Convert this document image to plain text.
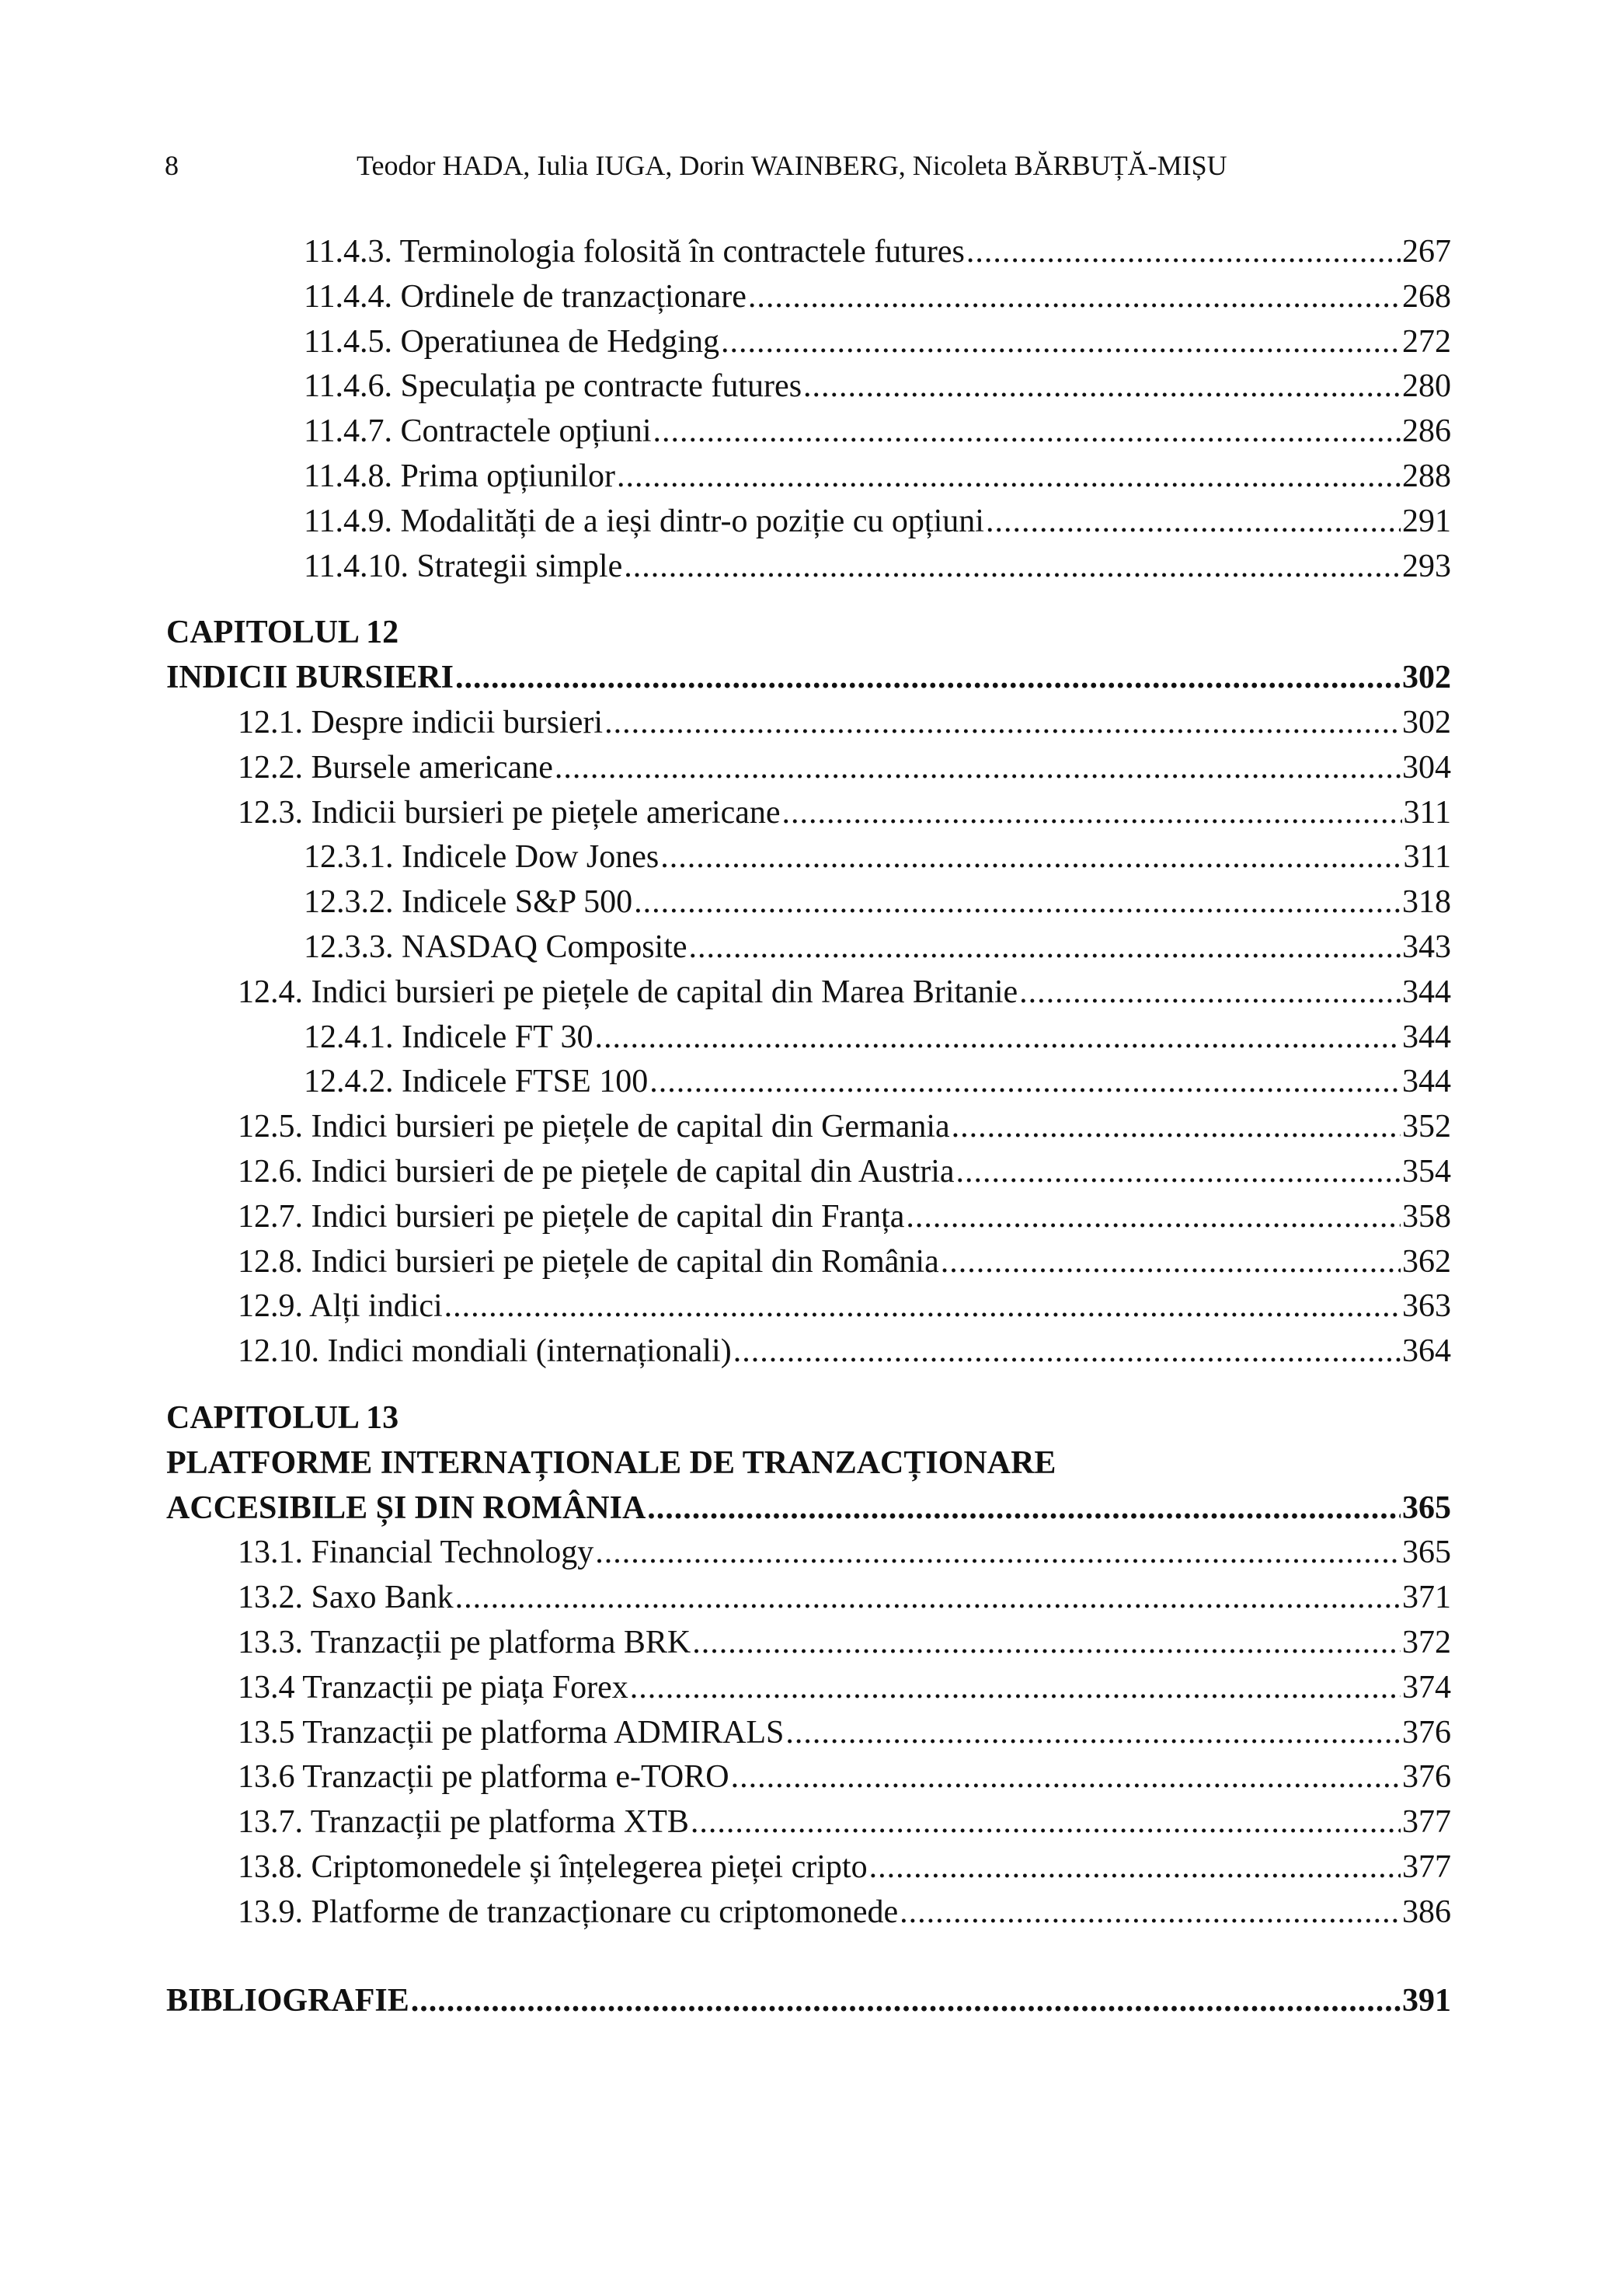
8	Teodor HADA, Iulia IUGA, Dorin WAINBERG, Nicoleta BĂRBUȚĂ-MIȘU
11.4.3. Terminologia folosită în contractele futures .....	267
11.4.4. Ordinele de tranzacționare .....	268
11.4.5. Operatiunea de Hedging .....	272
11.4.6. Speculația pe contracte futures .....	280
11.4.7. Contractele opțiuni .....	286
11.4.8. Prima opțiunilor .....	288
11.4.9. Modalități de a ieși dintr-o poziție cu opțiuni .....	291
11.4.10. Strategii simple .....	293
CAPITOLUL 12
INDICII BURSIERI .....	302
12.1. Despre indicii bursieri .....	302
12.2. Bursele americane .....	304
12.3. Indicii bursieri pe piețele americane .....	311
12.3.1. Indicele Dow Jones .....	311
12.3.2. Indicele S&P 500 .....	318
12.3.3. NASDAQ Composite .....	343
12.4. Indici bursieri pe piețele de capital din Marea Britanie .....	344
12.4.1. Indicele FT 30 .....	344
12.4.2. Indicele FTSE 100 .....	344
12.5. Indici bursieri pe piețele de capital din Germania .....	352
12.6. Indici bursieri de pe piețele de capital din Austria .....	354
12.7. Indici bursieri pe piețele de capital din Franța .....	358
12.8. Indici bursieri pe piețele de capital din România .....	362
12.9. Alți indici .....	363
12.10. Indici mondiali (internaționali) .....	364
CAPITOLUL 13
PLATFORME INTERNAȚIONALE DE TRANZACȚIONARE
ACCESIBILE ȘI DIN ROMÂNIA .....	365
13.1. Financial Technology .....	365
13.2. Saxo Bank .....	371
13.3. Tranzacții pe platforma BRK .....	372
13.4 Tranzacții pe piața Forex .....	374
13.5 Tranzacții pe platforma ADMIRALS .....	376
13.6 Tranzacții pe platforma e-TORO .....	376
13.7. Tranzacții pe platforma XTB .....	377
13.8. Criptomonedele și înțelegerea pieței cripto .....	377
13.9. Platforme de tranzacționare cu criptomonede .....	386
BIBLIOGRAFIE .....	391
